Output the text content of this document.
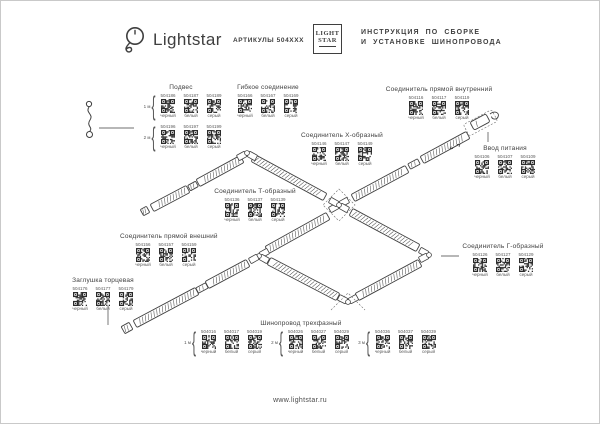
Lightstar АРТИКУЛЫ 504XXX
LIGHT
STAR
ИНСТРУКЦИЯ ПО СБОРКЕ
И УСТАНОВКЕ ШИНОПРОВОДА
Подвес
1 м {	504186
черный
504187
белый
504189
серый
2 м {	504196
черный
504197
белый
504199
серый
Гибкое соединение
504166
черный
504167
белый
504169
серый
Соединитель прямой внутренний
504116
черный
504117
белый
504119
серый
Соединитель Х-образный
504146
черный
504147
белый
504149
серый
Ввод питания
504106
черный
504107
белый
504109
серый
Соединитель Т-образный
504136
черный
504137
белый
504139
серый
Соединитель прямой внешний
504156
черный
504157
белый
504159
серый
Соединитель Г-образный
504126
черный
504127
белый
504129
серый
Заглушка торцевая
504176
черный
504177
белый
504179
серый
Шинопровод трехфазный
1 м {	504016
черный
504017
белый
504019
серый
2 м {	504026
черный
504027
белый
504029
серый
3 м {	504036
черный
504037
белый
504039
серый
www.lightstar.ru
